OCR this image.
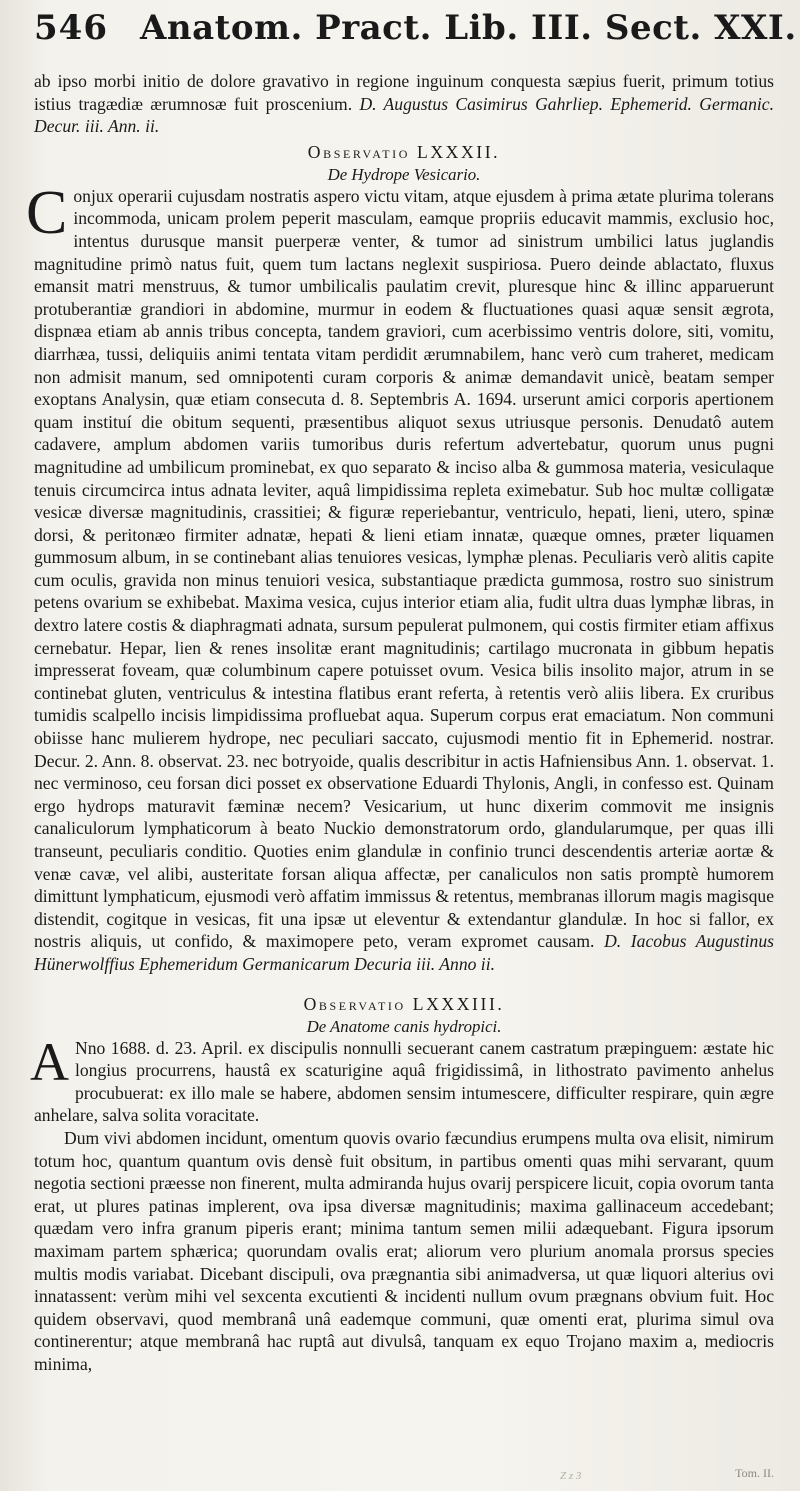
546 Anatom. Pract. Lib. III. Sect. XXI.

ab ipso morbi initio de dolore gravativo in regione inguinum conquesta sæpius fuerit, primum totius istius tragædiæ ærumnosæ fuit proscenium. D. Augustus Casimirus Gahrliep. Ephemerid. Germanic. Decur. iii. Ann. ii.

Observatio LXXXII.
De Hydrope Vesicario.

Conjux operarii cujusdam nostratis aspero victu vitam, atque ejusdem à prima ætate plurima tolerans incommoda, unicam prolem peperit masculam, eamque propriis educavit mammis, exclusio hoc, intentus durusque mansit puerperæ venter, & tumor ad sinistrum umbilici latus juglandis magnitudine primò natus fuit, quem tum lactans neglexit suspiriosa. Puero deinde ablactato, fluxus emansit matri menstruus, & tumor umbilicalis paulatim crevit, pluresque hinc & illinc apparuerunt protuberantiæ grandiori in abdomine, murmur in eodem & fluctuationes quasi aquæ sensit ægrota, dispnæa etiam ab annis tribus concepta, tandem graviori, cum acerbissimo ventris dolore, siti, vomitu, diarrhæa, tussi, deliquiis animi tentata vitam perdidit ærumnabilem, hanc verò cum traheret, medicam non admisit manum, sed omnipotenti curam corporis & animæ demandavit unicè, beatam semper exoptans Analysin, quæ etiam consecuta d. 8. Septembris A. 1694. urserunt amici corporis apertionem quam instituí die obitum sequenti, præsentibus aliquot sexus utriusque personis. Denudatô autem cadavere, amplum abdomen variis tumoribus duris refertum advertebatur, quorum unus pugni magnitudine ad umbilicum prominebat, ex quo separato & inciso alba & gummosa materia, vesiculaque tenuis circumcirca intus adnata leviter, aquâ limpidissima repleta eximebatur. Sub hoc multæ colligatæ vesicæ diversæ magnitudinis, crassitiei; & figuræ reperiebantur, ventriculo, hepati, lieni, utero, spinæ dorsi, & peritonæo firmiter adnatæ, hepati & lieni etiam innatæ, quæque omnes, præter liquamen gummosum album, in se continebant alias tenuiores vesicas, lymphæ plenas. Peculiaris verò alitis capite cum oculis, gravida non minus tenuiori vesica, substantiaque prædicta gummosa, rostro suo sinistrum petens ovarium se exhibebat. Maxima vesica, cujus interior etiam alia, fudit ultra duas lymphæ libras, in dextro latere costis & diaphragmati adnata, sursum pepulerat pulmonem, qui costis firmiter etiam affixus cernebatur. Hepar, lien & renes insolitæ erant magnitudinis; cartilago mucronata in gibbum hepatis impresserat foveam, quæ columbinum capere potuisset ovum. Vesica bilis insolito major, atrum in se continebat gluten, ventriculus & intestina flatibus erant referta, à retentis verò aliis libera. Ex cruribus tumidis scalpello incisis limpidissima profluebat aqua. Superum corpus erat emaciatum. Non communi obiisse hanc mulierem hydrope, nec peculiari saccato, cujusmodi mentio fit in Ephemerid. nostrar. Decur. 2. Ann. 8. observat. 23. nec botryoide, qualis describitur in actis Hafniensibus Ann. 1. observat. 1. nec verminoso, ceu forsan dici posset ex observatione Eduardi Thylonis, Angli, in confesso est. Quinam ergo hydrops maturavit fæminæ necem? Vesicarium, ut hunc dixerim commovit me insignis canaliculorum lymphaticorum à beato Nuckio demonstratorum ordo, glandularumque, per quas illi transeunt, peculiaris conditio. Quoties enim glandulæ in confinio trunci descendentis arteriæ aortæ & venæ cavæ, vel alibi, austeritate forsan aliqua affectæ, per canaliculos non satis promptè humorem dimittunt lymphaticum, ejusmodi verò affatim immissus & retentus, membranas illorum magis magisque distendit, cogitque in vesicas, fit una ipsæ ut eleventur & extendantur glandulæ. In hoc si fallor, ex nostris aliquis, ut confido, & maximopere peto, veram expromet causam. D. Iacobus Augustinus Hünerwolffius Ephemeridum Germanicarum Decuria iii. Anno ii.

Observatio LXXXIII.
De Anatome canis hydropici.

A Nno 1688. d. 23. April. ex discipulis nonnulli secuerant canem castratum præpinguem: æstate hic longius procurrens, haustâ ex scaturigine aquâ frigidissimâ, in lithostrato pavimento anhelus procubuerat: ex illo male se habere, abdomen sensim intumescere, difficulter respirare, quin ægre anhelare, salva solita voracitate.

Dum vivi abdomen incidunt, omentum quovis ovario fæcundius erumpens multa ova elisit, nimirum totum hoc, quantum quantum ovis densè fuit obsitum, in partibus omenti quas mihi servarant, quum negotia sectioni præesse non finerent, multa admiranda hujus ovarij perspicere licuit, copia ovorum tanta erat, ut plures patinas implerent, ova ipsa diversæ magnitudinis; maxima gallinaceum accedebant; quædam vero infra granum piperis erant; minima tantum semen milii adæquebant. Figura ipsorum maximam partem sphærica; quorundam ovalis erat; aliorum vero plurium anomala prorsus species multis modis variabat. Dicebant discipuli, ova prægnantia sibi animadversa, ut quæ liquori alterius ovi innatassent: verùm mihi vel sexcenta excutienti & incidenti nullum ovum prægnans obvium fuit. Hoc quidem observavi, quod membranâ unâ eademque communi, quæ omenti erat, plurima simul ova continerentur; atque membranâ hac ruptâ aut divulsâ, tanquam ex equo Trojano maxim a, mediocris minima,

Z z 3	Tom. II.
